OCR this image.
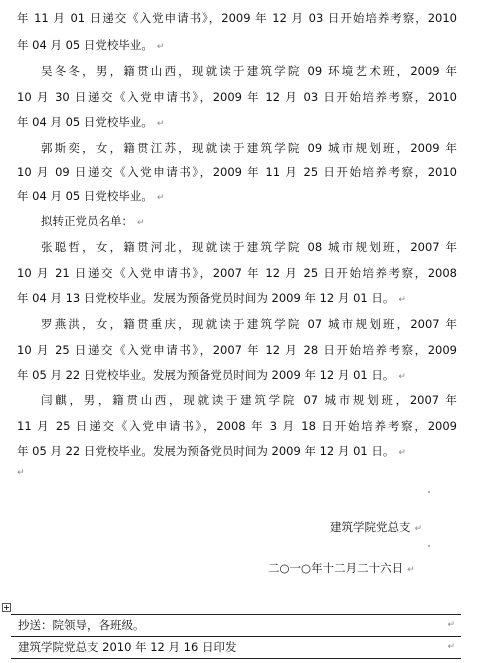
年 11 月 01 日递交《入党申请书》，2009 年 12 月 03 日开始培养考察，2010
年 04 月 05 日党校毕业。 ↵
吴冬冬，男，籍贯山西，现就读于建筑学院 09 环境艺术班，2009 年
10 月 30 日递交《入党申请书》，2009 年 12 月 03 日开始培养考察，2010
年 04 月 05 日党校毕业。 ↵
郭斯奕，女，籍贯江苏，现就读于建筑学院 09 城市规划班，2009 年
10 月 09 日递交《入党申请书》，2009 年 11 月 25 日开始培养考察，2010
年 04 月 05 日党校毕业。 ↵
拟转正党员名单： ↵
张聪哲，女，籍贯河北，现就读于建筑学院 08 城市规划班，2007 年
10 月 21 日递交《入党申请书》，2007 年 12 月 25 日开始培养考察，2008
年 04 月 13 日党校毕业。发展为预备党员时间为 2009 年 12 月 01 日。 ↵
罗燕洪，女，籍贯重庆，现就读于建筑学院 07 城市规划班，2007 年
10 月 25 日递交《入党申请书》，2007 年 12 月 28 日开始培养考察，2009
年 05 月 22 日党校毕业。发展为预备党员时间为 2009 年 12 月 01 日。 ↵
闫麒，男，籍贯山西，现就读于建筑学院 07 城市规划班，2007 年
11 月 25 日递交《入党申请书》，2008 年 3 月 18 日开始培养考察，2009
年 05 月 22 日党校毕业。发展为预备党员时间为 2009 年 12 月 01 日。 ↵
↵
建筑学院党总支 ↵
二○一○年十二月二十六日 ↵
抄送：院领导，各班级。	↵
建筑学院党总支 2010 年 12 月 16 日印发	↵
